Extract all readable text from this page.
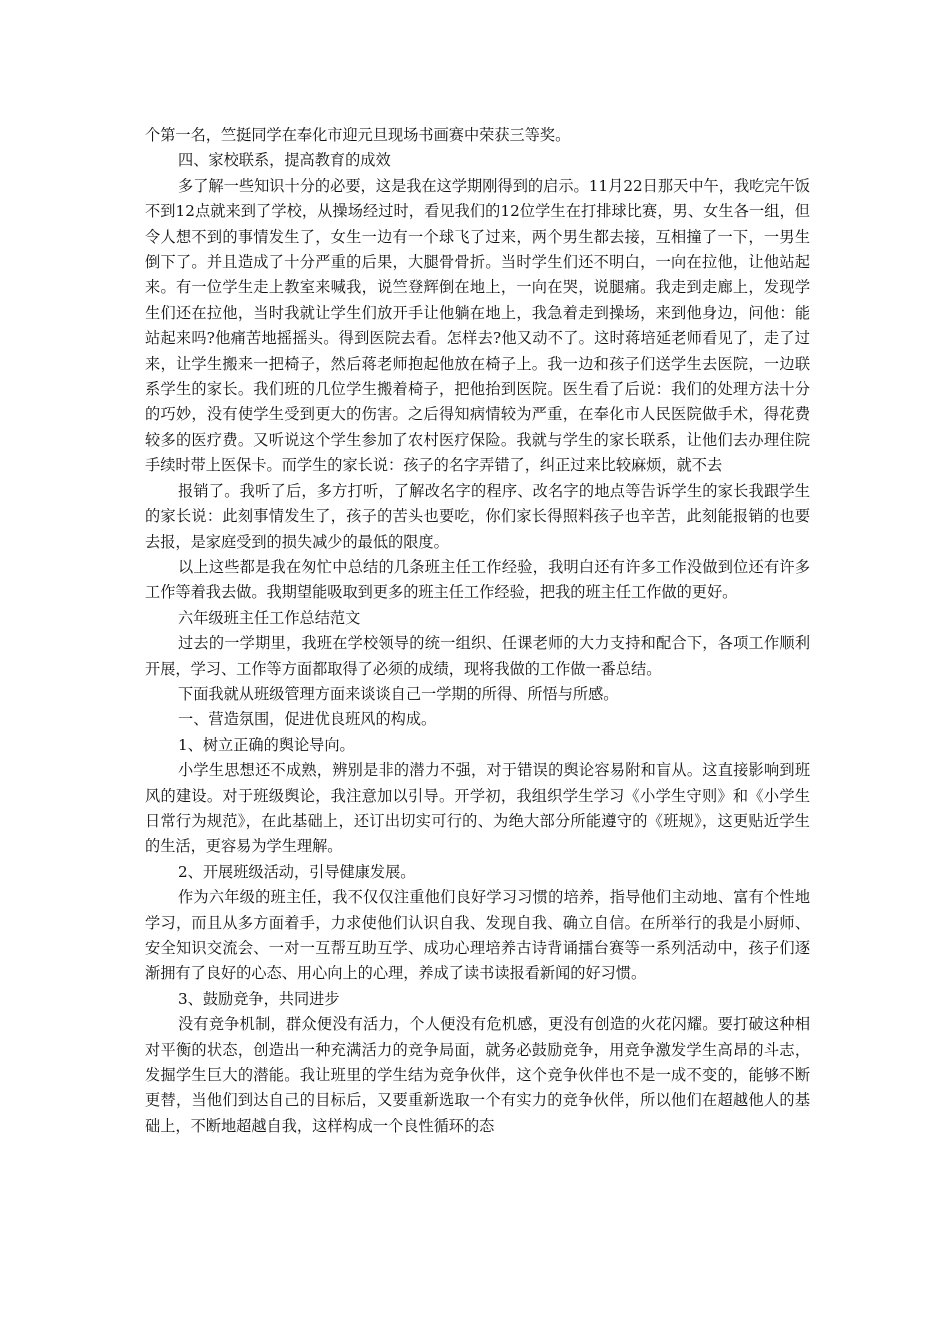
个第一名，竺挺同学在奉化市迎元旦现场书画赛中荣获三等奖。

四、家校联系，提高教育的成效

多了解一些知识十分的必要，这是我在这学期刚得到的启示。11月22日那天中午，我吃完午饭不到12点就来到了学校，从操场经过时，看见我们的12位学生在打排球比赛，男、女生各一组，但令人想不到的事情发生了，女生一边有一个球飞了过来，两个男生都去接，互相撞了一下，一男生倒下了。并且造成了十分严重的后果，大腿骨骨折。当时学生们还不明白，一向在拉他，让他站起来。有一位学生走上教室来喊我，说竺登辉倒在地上，一向在哭，说腿痛。我走到走廊上，发现学生们还在拉他，当时我就让学生们放开手让他躺在地上，我急着走到操场，来到他身边，问他：能站起来吗?他痛苦地摇摇头。得到医院去看。怎样去?他又动不了。这时蒋培延老师看见了，走了过来，让学生搬来一把椅子，然后蒋老师抱起他放在椅子上。我一边和孩子们送学生去医院，一边联系学生的家长。我们班的几位学生搬着椅子，把他抬到医院。医生看了后说：我们的处理方法十分的巧妙，没有使学生受到更大的伤害。之后得知病情较为严重，在奉化市人民医院做手术，得花费较多的医疗费。又听说这个学生参加了农村医疗保险。我就与学生的家长联系，让他们去办理住院手续时带上医保卡。而学生的家长说：孩子的名字弄错了，纠正过来比较麻烦，就不去

报销了。我听了后，多方打听，了解改名字的程序、改名字的地点等告诉学生的家长我跟学生的家长说：此刻事情发生了，孩子的苦头也要吃，你们家长得照料孩子也辛苦，此刻能报销的也要去报，是家庭受到的损失减少的最低的限度。

以上这些都是我在匆忙中总结的几条班主任工作经验，我明白还有许多工作没做到位还有许多工作等着我去做。我期望能吸取到更多的班主任工作经验，把我的班主任工作做的更好。

六年级班主任工作总结范文

过去的一学期里，我班在学校领导的统一组织、任课老师的大力支持和配合下，各项工作顺利开展，学习、工作等方面都取得了必须的成绩，现将我做的工作做一番总结。

下面我就从班级管理方面来谈谈自己一学期的所得、所悟与所感。

一、营造氛围，促进优良班风的构成。

1、树立正确的舆论导向。

小学生思想还不成熟，辨别是非的潜力不强，对于错误的舆论容易附和盲从。这直接影响到班风的建设。对于班级舆论，我注意加以引导。开学初，我组织学生学习《小学生守则》和《小学生日常行为规范》，在此基础上，还订出切实可行的、为绝大部分所能遵守的《班规》，这更贴近学生的生活，更容易为学生理解。

2、开展班级活动，引导健康发展。

作为六年级的班主任，我不仅仅注重他们良好学习习惯的培养，指导他们主动地、富有个性地学习，而且从多方面着手，力求使他们认识自我、发现自我、确立自信。在所举行的我是小厨师、安全知识交流会、一对一互帮互助互学、成功心理培养古诗背诵擂台赛等一系列活动中，孩子们逐渐拥有了良好的心态、用心向上的心理，养成了读书读报看新闻的好习惯。

3、鼓励竞争，共同进步

没有竞争机制，群众便没有活力，个人便没有危机感，更没有创造的火花闪耀。要打破这种相对平衡的状态，创造出一种充满活力的竞争局面，就务必鼓励竞争，用竞争激发学生高昂的斗志，发掘学生巨大的潜能。我让班里的学生结为竞争伙伴，这个竞争伙伴也不是一成不变的，能够不断更替，当他们到达自己的目标后，又要重新选取一个有实力的竞争伙伴，所以他们在超越他人的基础上，不断地超越自我，这样构成一个良性循环的态
